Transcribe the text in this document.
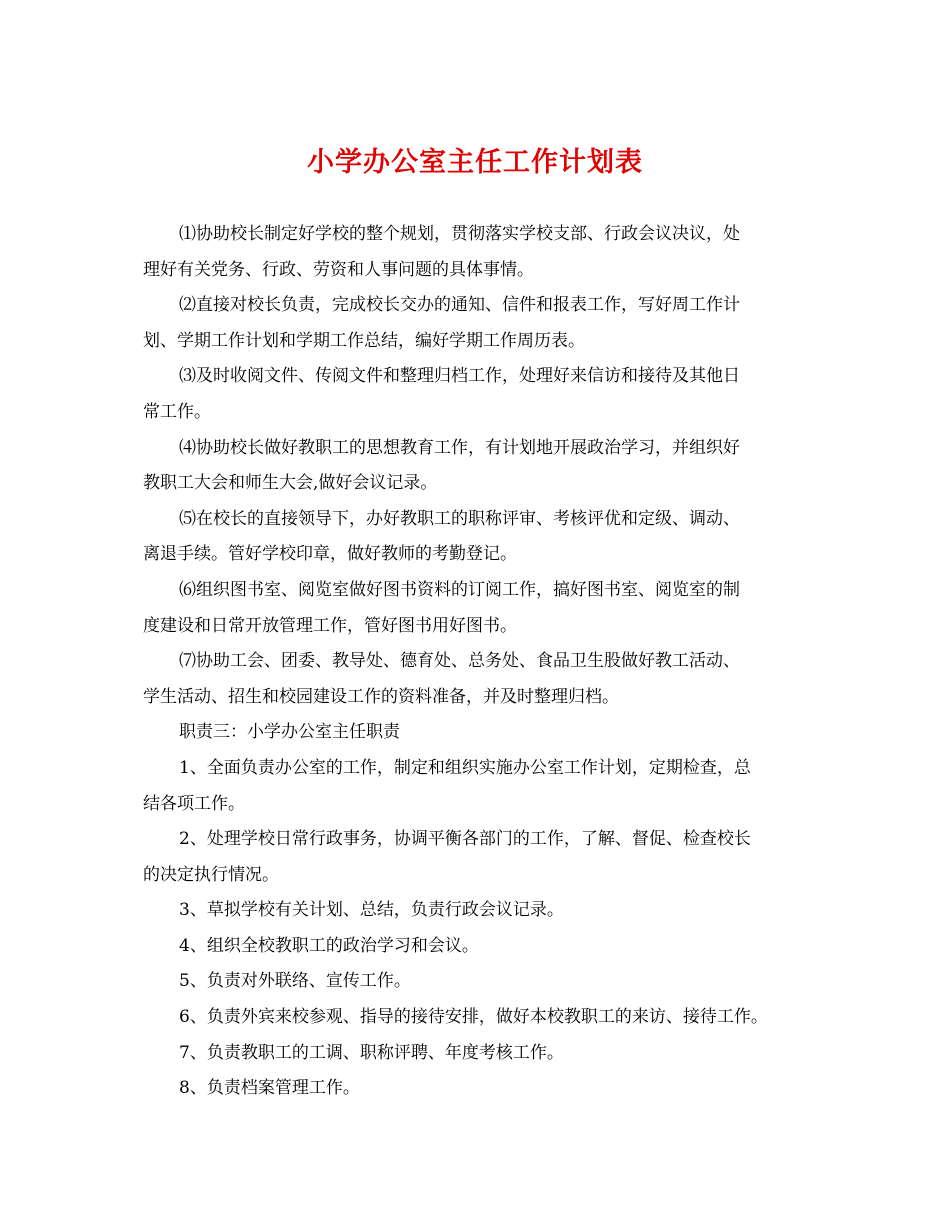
小学办公室主任工作计划表

⑴协助校长制定好学校的整个规划，贯彻落实学校支部、行政会议决议，处
理好有关党务、行政、劳资和人事问题的具体事情。

⑵直接对校长负责，完成校长交办的通知、信件和报表工作，写好周工作计
划、学期工作计划和学期工作总结，编好学期工作周历表。

⑶及时收阅文件、传阅文件和整理归档工作，处理好来信访和接待及其他日
常工作。

⑷协助校长做好教职工的思想教育工作，有计划地开展政治学习，并组织好
教职工大会和师生大会,做好会议记录。

⑸在校长的直接领导下，办好教职工的职称评审、考核评优和定级、调动、
离退手续。管好学校印章，做好教师的考勤登记。

⑹组织图书室、阅览室做好图书资料的订阅工作，搞好图书室、阅览室的制
度建设和日常开放管理工作，管好图书用好图书。

⑺协助工会、团委、教导处、德育处、总务处、食品卫生股做好教工活动、
学生活动、招生和校园建设工作的资料准备，并及时整理归档。

职责三：小学办公室主任职责

1、全面负责办公室的工作，制定和组织实施办公室工作计划，定期检查，总
结各项工作。

2、处理学校日常行政事务，协调平衡各部门的工作，了解、督促、检查校长
的决定执行情况。

3、草拟学校有关计划、总结，负责行政会议记录。

4、组织全校教职工的政治学习和会议。

5、负责对外联络、宣传工作。

6、负责外宾来校参观、指导的接待安排，做好本校教职工的来访、接待工作。

7、负责教职工的工调、职称评聘、年度考核工作。

8、负责档案管理工作。
